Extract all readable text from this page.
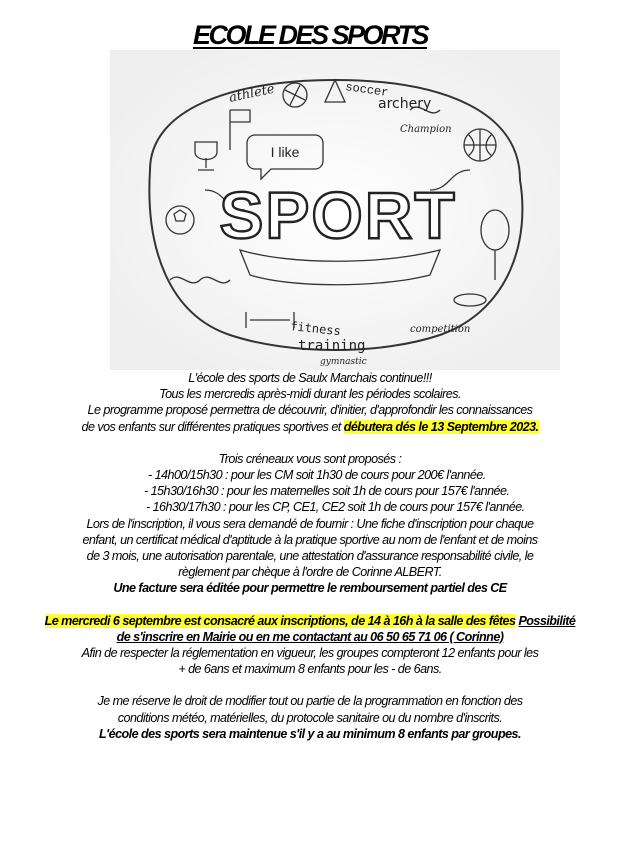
ECOLE DES SPORTS
SPORT
I like
athlete	soccer
archery
Champion
fitness
training
gymnastic
competition
L'école des sports de Saulx Marchais continue!!!
Tous les mercredis après-midi durant les périodes scolaires.
Le programme proposé permettra de découvrir, d'initier, d'approfondir les connaissances
de vos enfants sur différentes pratiques sportives et débutera dés le 13 Septembre 2023.
Trois créneaux vous sont proposés :
- 14h00/15h30 : pour les CM soit 1h30 de cours pour 200€ l'année.
- 15h30/16h30 : pour les maternelles soit 1h de cours pour 157€ l'année.
- 16h30/17h30 : pour les CP, CE1, CE2 soit 1h de cours pour 157€ l'année.
Lors de l'inscription, il vous sera demandé de fournir : Une fiche d'inscription pour chaque
enfant, un certificat médical d'aptitude à la pratique sportive au nom de l'enfant et de moins
de 3 mois, une autorisation parentale, une attestation d'assurance responsabilité civile, le
règlement par chèque à l'ordre de Corinne ALBERT.
Une facture sera éditée pour permettre le remboursement partiel des CE
Le mercredi 6 septembre est consacré aux inscriptions, de 14 à 16h à la salle des fêtes Possibilité
de s'inscrire en Mairie ou en me contactant au 06 50 65 71 06 ( Corinne)
Afin de respecter la réglementation en vigueur, les groupes compteront 12 enfants pour les
+ de 6ans et maximum 8 enfants pour les - de 6ans.
Je me réserve le droit de modifier tout ou partie de la programmation en fonction des
conditions météo, matérielles, du protocole sanitaire ou du nombre d'inscrits.
L'école des sports sera maintenue s'il y a au minimum 8 enfants par groupes.
